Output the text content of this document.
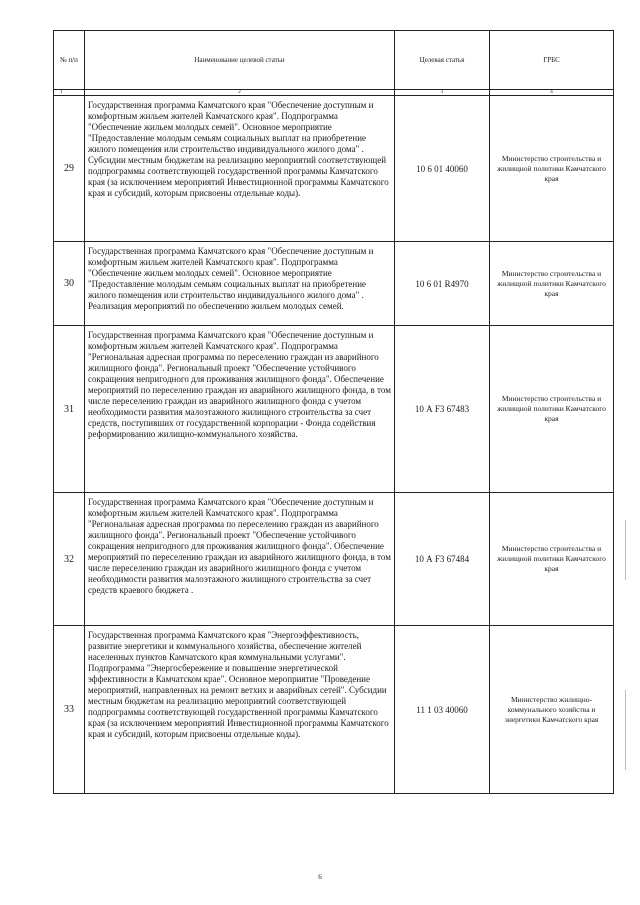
№ п/п	Наименование целевой статьи	Целевая статья	ГРБС
1	2	3	4
29	Государственная программа Камчатского края "Обеспечение доступным и комфортным жильем жителей Камчатского края". Подпрограмма "Обеспечение жильем молодых семей". Основное мероприятие "Предоставление молодым семьям социальных выплат на приобретение жилого помещения или строительство индивидуального жилого дома" . Субсидии местным бюджетам на реализацию мероприятий соответствующей подпрограммы соответствующей государственной программы Камчатского края (за исключением мероприятий Инвестиционной программы Камчатского края и субсидий, которым присвоены отдельные коды).	10 6 01 40060	Министерство строительства и жилищной политики Камчатского края
30	Государственная программа Камчатского края "Обеспечение доступным и комфортным жильем жителей Камчатского края". Подпрограмма "Обеспечение жильем молодых семей". Основное мероприятие "Предоставление молодым семьям социальных выплат на приобретение жилого помещения или строительство индивидуального жилого дома" . Реализация мероприятий по обеспечению жильем молодых семей.	10 6 01 R4970	Министерство строительства и жилищной политики Камчатского края
31	Государственная программа Камчатского края "Обеспечение доступным и комфортным жильем жителей Камчатского края". Подпрограмма "Региональная адресная программа по переселению граждан из аварийного жилищного фонда". Региональный проект "Обеспечение устойчивого сокращения непригодного для проживания жилищного фонда". Обеспечение мероприятий по переселению граждан из аварийного жилищного фонда, в том числе переселению граждан из аварийного жилищного фонда с учетом необходимости развития малоэтажного жилищного строительства за счет средств, поступивших от государственной корпорации - Фонда содействия реформированию жилищно-коммунального хозяйства.	10 А F3 67483	Министерство строительства и жилищной политики Камчатского края
32	Государственная программа Камчатского края "Обеспечение доступным и комфортным жильем жителей Камчатского края". Подпрограмма "Региональная адресная программа по переселению граждан из аварийного жилищного фонда". Региональный проект "Обеспечение устойчивого сокращения непригодного для проживания жилищного фонда". Обеспечение мероприятий по переселению граждан из аварийного жилищного фонда, в том числе переселению граждан из аварийного жилищного фонда с учетом необходимости развития малоэтажного жилищного строительства за счет средств краевого бюджета .	10 А F3 67484	Министерство строительства и жилищной политики Камчатского края
33	Государственная программа Камчатского края "Энергоэффективность, развитие энергетики и коммунального хозяйства, обеспечение жителей населенных пунктов Камчатского края коммунальными услугами". Подпрограмма "Энергосбережение и повышение энергетической эффективности в Камчатском крае". Основное мероприятие "Проведение мероприятий, направленных на ремонт ветхих и аварийных сетей". Субсидии местным бюджетам на реализацию мероприятий соответствующей подпрограммы соответствующей государственной программы Камчатского края (за исключением мероприятий Инвестиционной программы Камчатского края и субсидий, которым присвоены отдельные коды).	11 1 03 40060	Министерство жилищно-коммунального хозяйства и энергетики Камчатского края
6
